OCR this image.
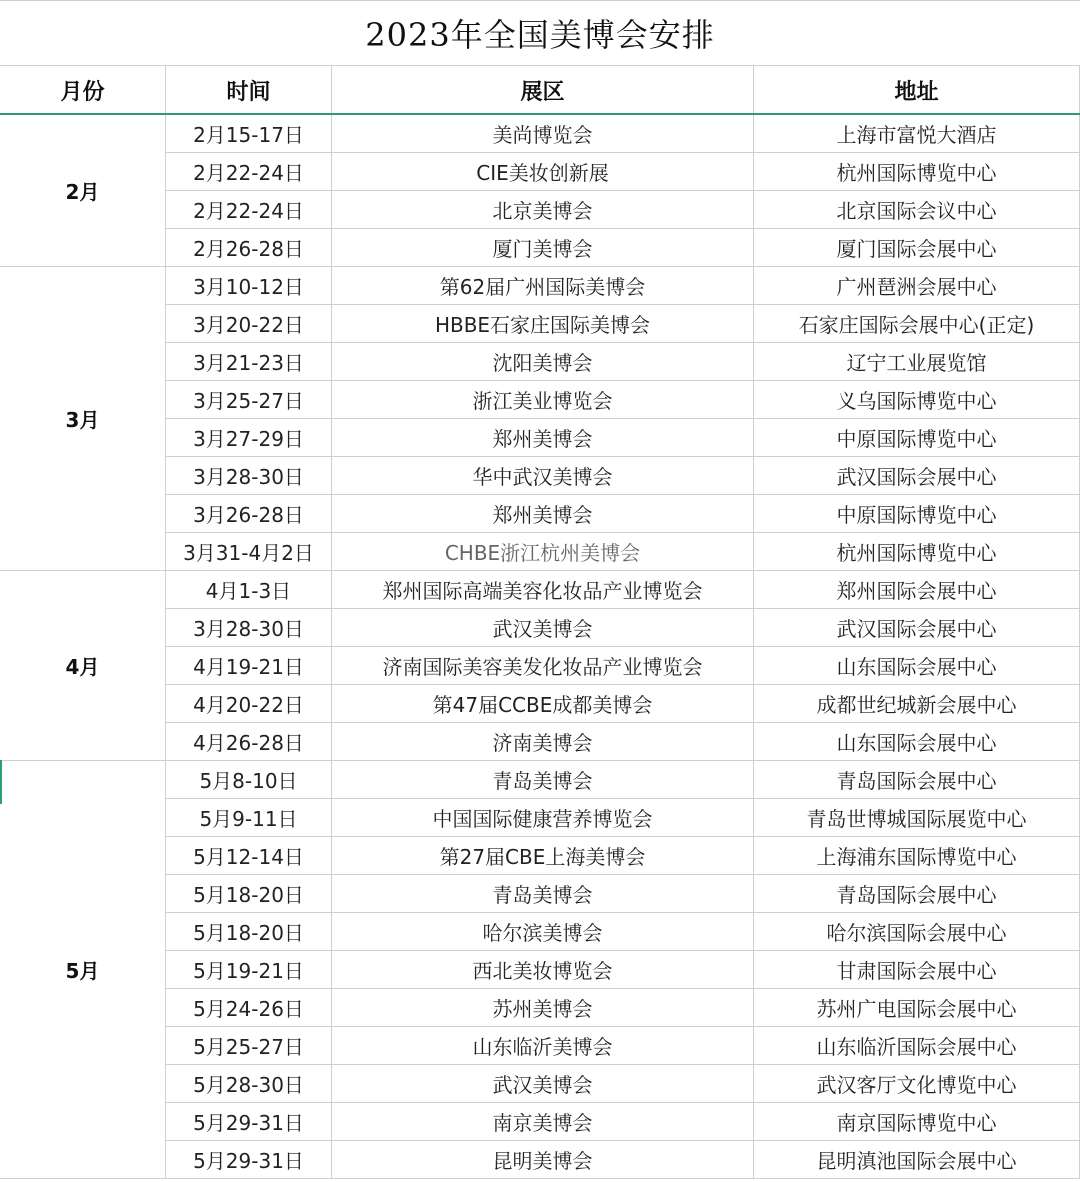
2023年全国美博会安排
月份	时间	展区	地址
2月
2月15-17日	美尚博览会	上海市富悦大酒店
2月22-24日	CIE美妆创新展	杭州国际博览中心
2月22-24日	北京美博会	北京国际会议中心
2月26-28日	厦门美博会	厦门国际会展中心
3月
3月10-12日	第62届广州国际美博会	广州琶洲会展中心
3月20-22日	HBBE石家庄国际美博会	石家庄国际会展中心(正定)
3月21-23日	沈阳美博会	辽宁工业展览馆
3月25-27日	浙江美业博览会	义乌国际博览中心
3月27-29日	郑州美博会	中原国际博览中心
3月28-30日	华中武汉美博会	武汉国际会展中心
3月26-28日	郑州美博会	中原国际博览中心
3月31-4月2日	CHBE浙江杭州美博会	杭州国际博览中心
4月
4月1-3日	郑州国际高端美容化妆品产业博览会	郑州国际会展中心
3月28-30日	武汉美博会	武汉国际会展中心
4月19-21日	济南国际美容美发化妆品产业博览会	山东国际会展中心
4月20-22日	第47届CCBE成都美博会	成都世纪城新会展中心
4月26-28日	济南美博会	山东国际会展中心
5月
5月8-10日	青岛美博会	青岛国际会展中心
5月9-11日	中国国际健康营养博览会	青岛世博城国际展览中心
5月12-14日	第27届CBE上海美博会	上海浦东国际博览中心
5月18-20日	青岛美博会	青岛国际会展中心
5月18-20日	哈尔滨美博会	哈尔滨国际会展中心
5月19-21日	西北美妆博览会	甘肃国际会展中心
5月24-26日	苏州美博会	苏州广电国际会展中心
5月25-27日	山东临沂美博会	山东临沂国际会展中心
5月28-30日	武汉美博会	武汉客厅文化博览中心
5月29-31日	南京美博会	南京国际博览中心
5月29-31日	昆明美博会	昆明滇池国际会展中心
